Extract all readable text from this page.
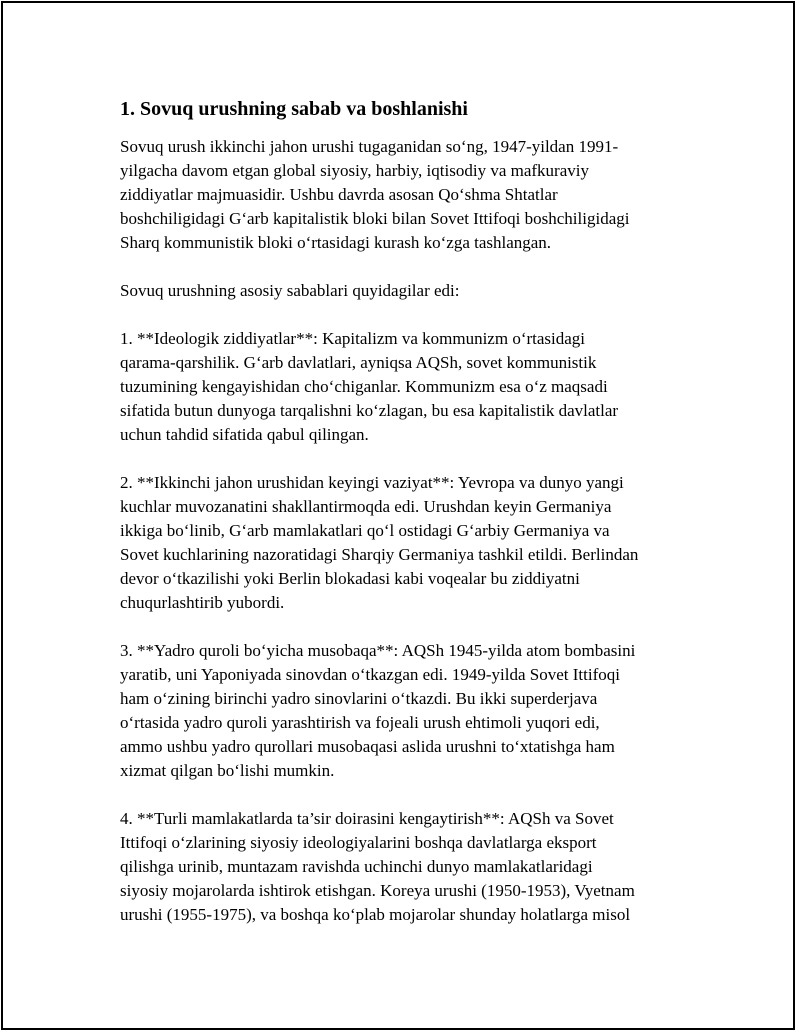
1. Sovuq urushning sabab va boshlanishi

Sovuq urush ikkinchi jahon urushi tugaganidan so‘ng, 1947-yildan 1991-
yilgacha davom etgan global siyosiy, harbiy, iqtisodiy va mafkuraviy
ziddiyatlar majmuasidir. Ushbu davrda asosan Qo‘shma Shtatlar
boshchiligidagi G‘arb kapitalistik bloki bilan Sovet Ittifoqi boshchiligidagi
Sharq kommunistik bloki o‘rtasidagi kurash ko‘zga tashlangan.

Sovuq urushning asosiy sabablari quyidagilar edi:

1. **Ideologik ziddiyatlar**: Kapitalizm va kommunizm o‘rtasidagi
qarama-qarshilik. G‘arb davlatlari, ayniqsa AQSh, sovet kommunistik
tuzumining kengayishidan cho‘chiganlar. Kommunizm esa o‘z maqsadi
sifatida butun dunyoga tarqalishni ko‘zlagan, bu esa kapitalistik davlatlar
uchun tahdid sifatida qabul qilingan.

2. **Ikkinchi jahon urushidan keyingi vaziyat**: Yevropa va dunyo yangi
kuchlar muvozanatini shakllantirmoqda edi. Urushdan keyin Germaniya
ikkiga bo‘linib, G‘arb mamlakatlari qo‘l ostidagi G‘arbiy Germaniya va
Sovet kuchlarining nazoratidagi Sharqiy Germaniya tashkil etildi. Berlindan
devor o‘tkazilishi yoki Berlin blokadasi kabi voqealar bu ziddiyatni
chuqurlashtirib yubordi.

3. **Yadro quroli bo‘yicha musobaqa**: AQSh 1945-yilda atom bombasini
yaratib, uni Yaponiyada sinovdan o‘tkazgan edi. 1949-yilda Sovet Ittifoqi
ham o‘zining birinchi yadro sinovlarini o‘tkazdi. Bu ikki superderjava
o‘rtasida yadro quroli yarashtirish va fojeali urush ehtimoli yuqori edi,
ammo ushbu yadro qurollari musobaqasi aslida urushni to‘xtatishga ham
xizmat qilgan bo‘lishi mumkin.

4. **Turli mamlakatlarda ta’sir doirasini kengaytirish**: AQSh va Sovet
Ittifoqi o‘zlarining siyosiy ideologiyalarini boshqa davlatlarga eksport
qilishga urinib, muntazam ravishda uchinchi dunyo mamlakatlaridagi
siyosiy mojarolarda ishtirok etishgan. Koreya urushi (1950-1953), Vyetnam
urushi (1955-1975), va boshqa ko‘plab mojarolar shunday holatlarga misol
